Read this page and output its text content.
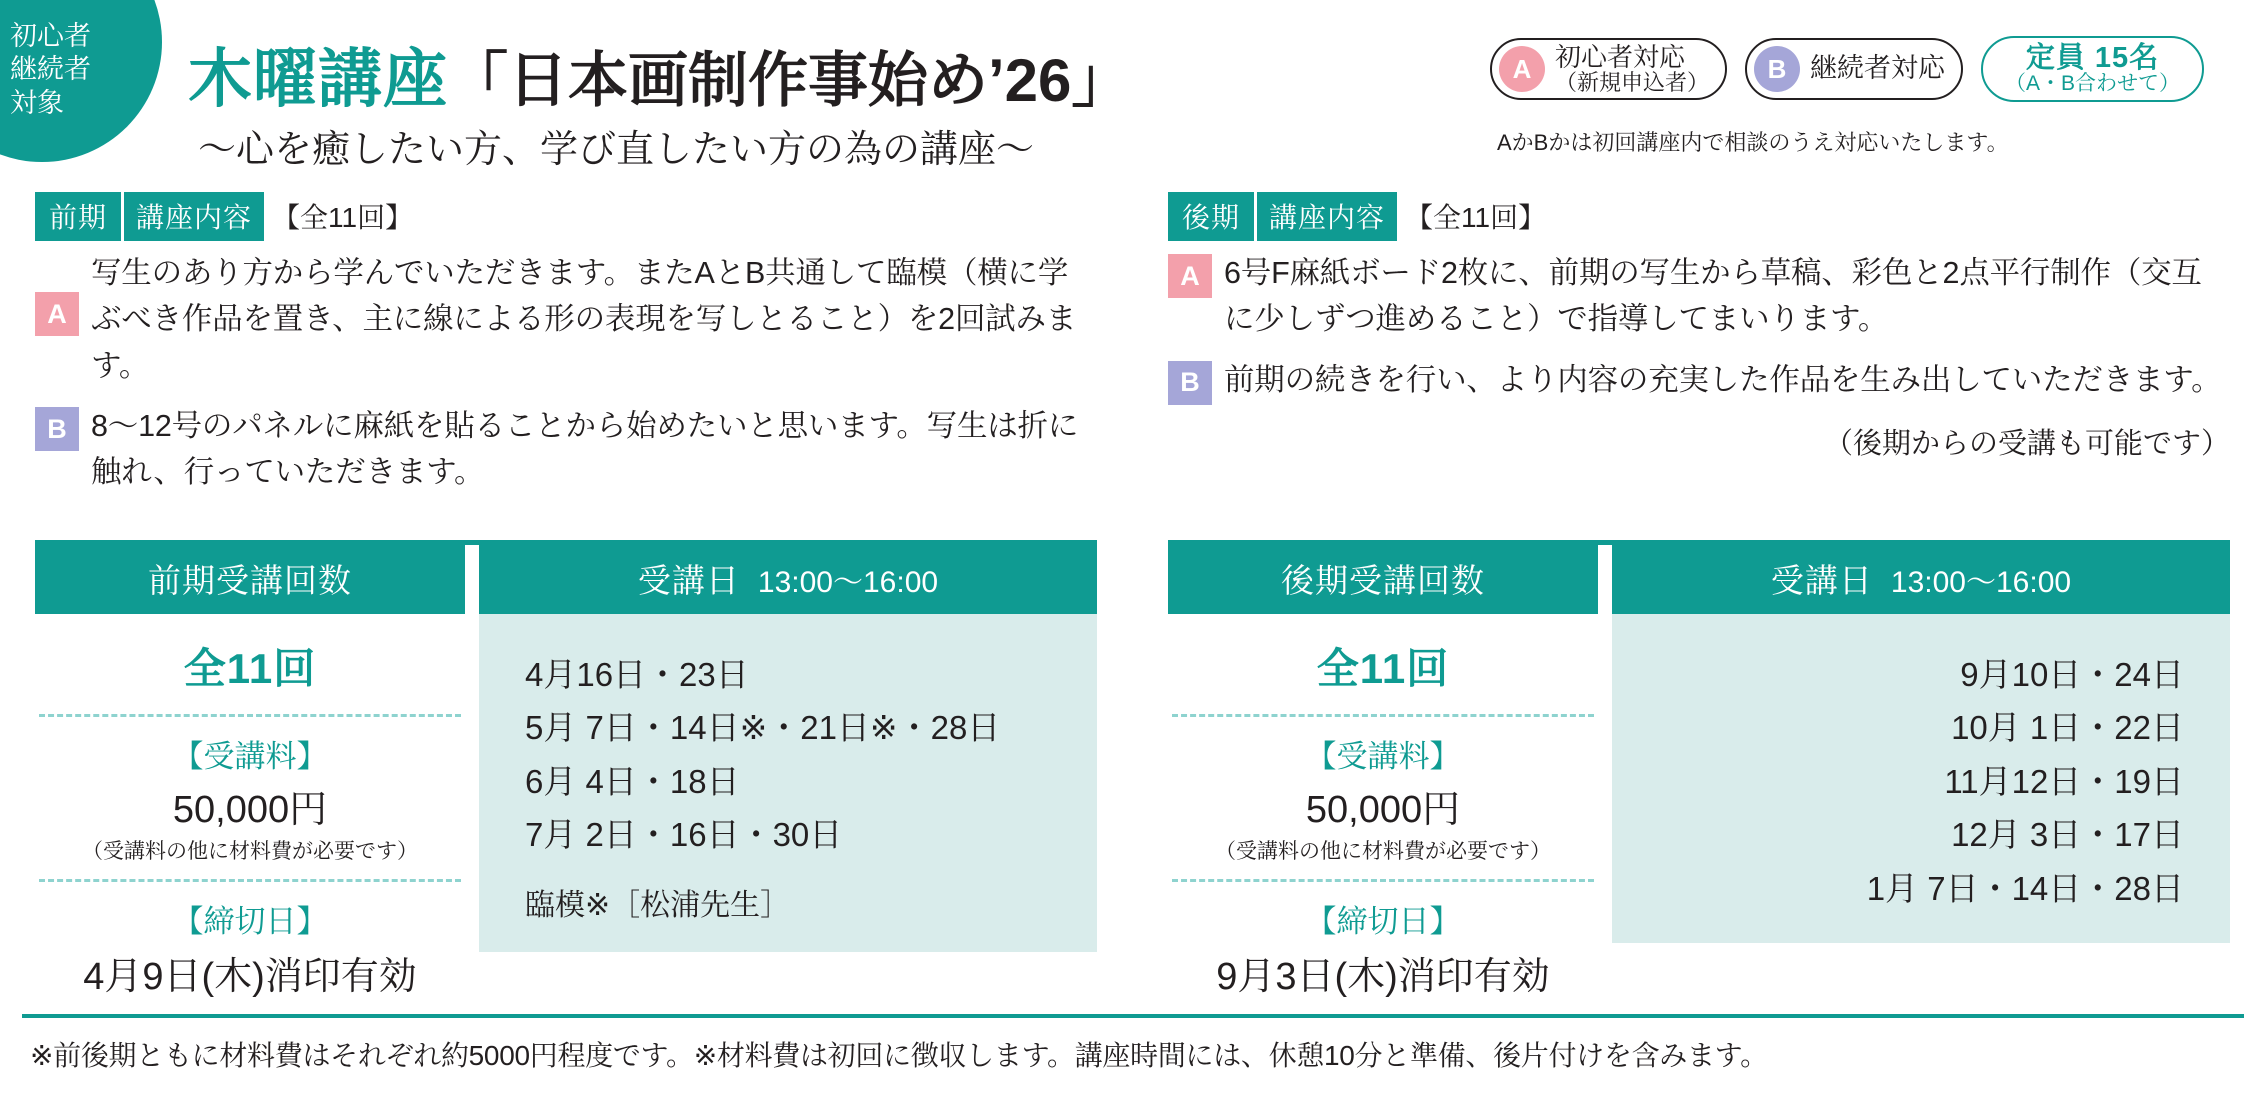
初心者
継続者
対象	木曜講座 「日本画制作事始め’26」
〜心を癒したい方、学び直したい方の為の講座〜
A 初心者対応
（新規申込者）	B 継続者対応	定員 15名
（A・B合わせて）
AかBかは初回講座内で相談のうえ対応いたします。
前期	講座内容 【全11回】
A
写生のあり方から学んでいただきます。またAとB共通して臨模（横に学ぶべき作品を置き、主に線による形の表現を写しとること）を2回試みます。
B 8〜12号のパネルに麻紙を貼ることから始めたいと思います。写生は折に触れ、行っていただきます。
後期	講座内容 【全11回】
A 6号F麻紙ボード2枚に、前期の写生から草稿、彩色と2点平行制作（交互に少しずつ進めること）で指導してまいります。
B 前期の続きを行い、より内容の充実した作品を生み出していただきます。
（後期からの受講も可能です）
前期受講回数
全11回
【受講料】
50,000円
（受講料の他に材料費が必要です）
【締切日】
4月9日(木)消印有効
受講日 13:00〜16:00
4月16日・23日
5月 7日・14日※・21日※・28日
6月 4日・18日
7月 2日・16日・30日
臨模※［松浦先生］
後期受講回数
全11回
【受講料】
50,000円
（受講料の他に材料費が必要です）
【締切日】
9月3日(木)消印有効
受講日 13:00〜16:00
9月10日・24日
10月 1日・22日
11月12日・19日
12月 3日・17日
1月 7日・14日・28日
※前後期ともに材料費はそれぞれ約5000円程度です。※材料費は初回に徴収します。講座時間には、休憩10分と準備、後片付けを含みます。
